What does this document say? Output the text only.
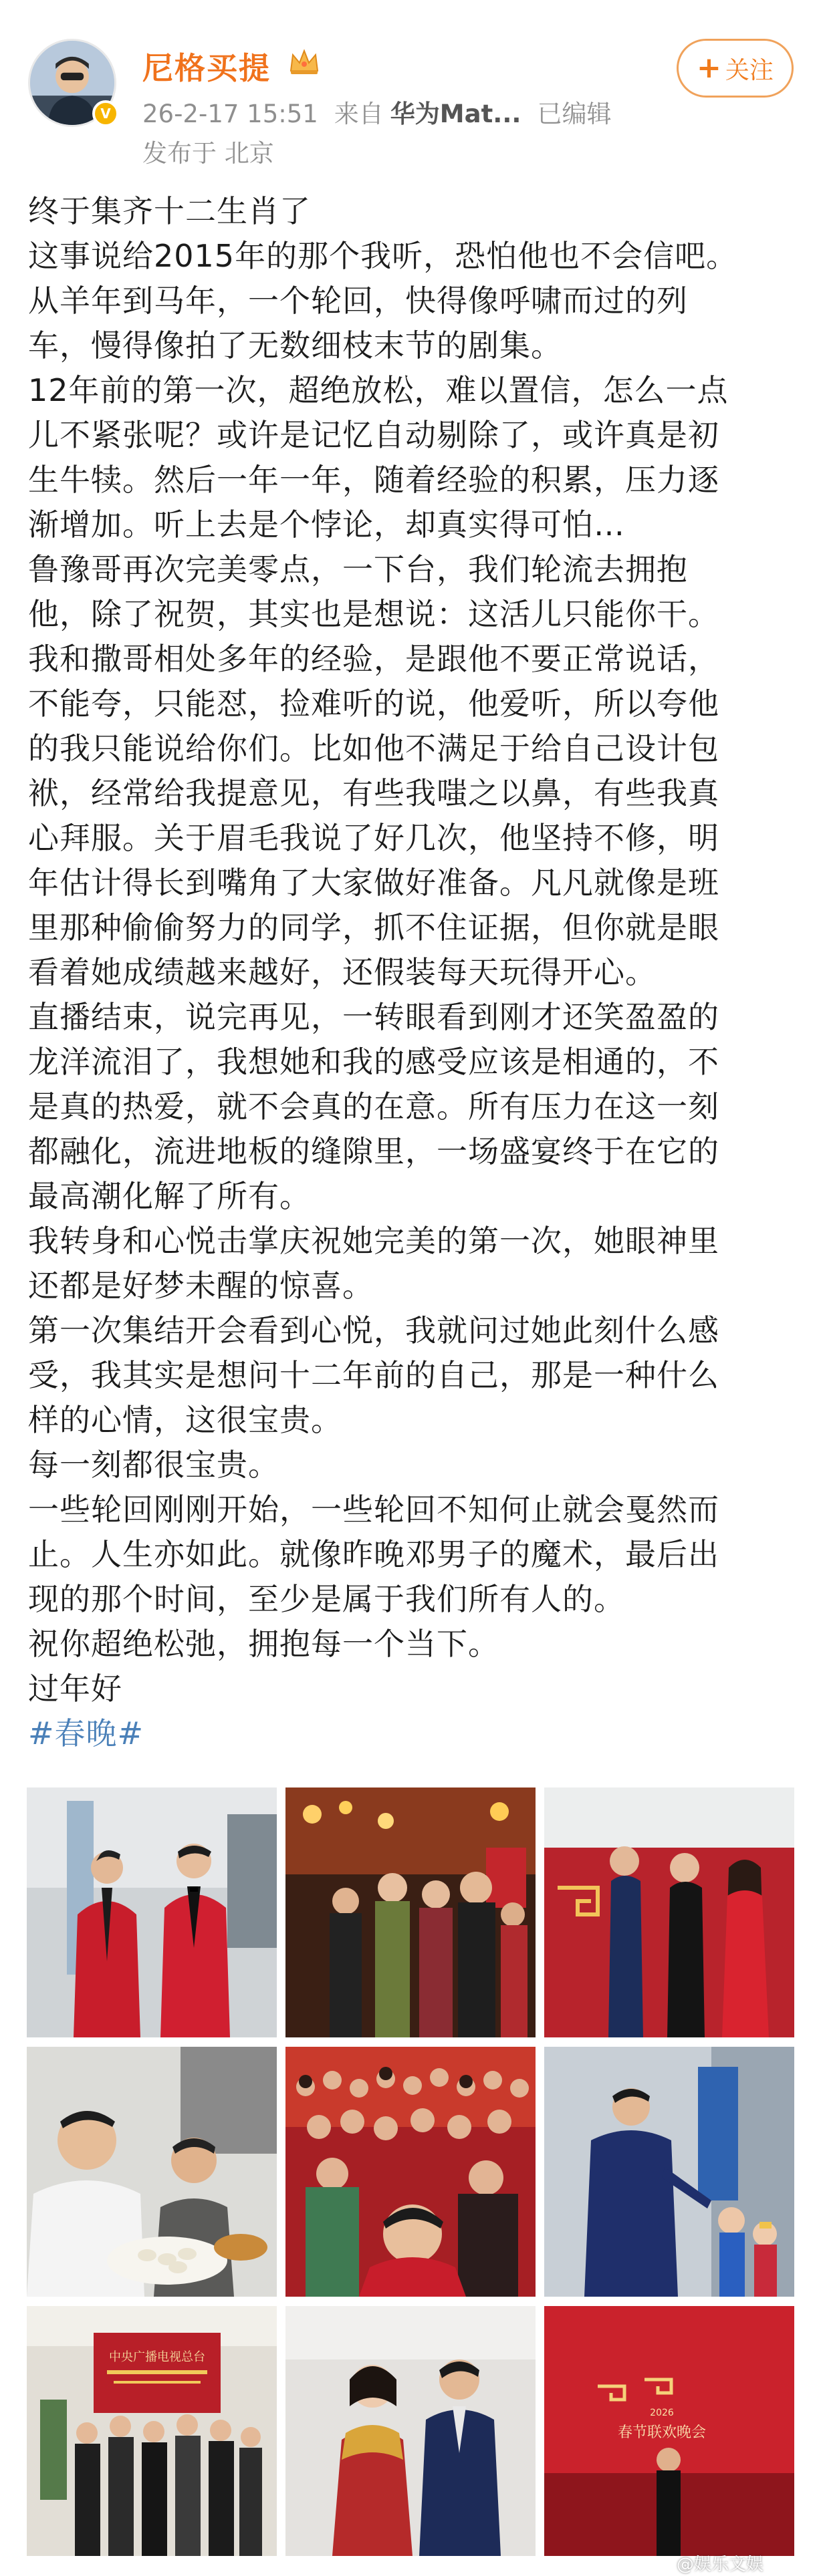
V
尼格买提
26-2-17 15:51 来自 华为Mat... 已编辑
发布于 北京
+ 关注
终于集齐十二生肖了
这事说给2015年的那个我听，恐怕他也不会信吧。
从羊年到马年，一个轮回，快得像呼啸而过的列
车，慢得像拍了无数细枝末节的剧集。
12年前的第一次，超绝放松，难以置信，怎么一点
儿不紧张呢？或许是记忆自动剔除了，或许真是初
生牛犊。然后一年一年，随着经验的积累，压力逐
渐增加。听上去是个悖论，却真实得可怕…
鲁豫哥再次完美零点，一下台，我们轮流去拥抱
他，除了祝贺，其实也是想说：这活儿只能你干。
我和撒哥相处多年的经验，是跟他不要正常说话，
不能夸，只能怼，捡难听的说，他爱听，所以夸他
的我只能说给你们。比如他不满足于给自己设计包
袱，经常给我提意见，有些我嗤之以鼻，有些我真
心拜服。关于眉毛我说了好几次，他坚持不修，明
年估计得长到嘴角了大家做好准备。凡凡就像是班
里那种偷偷努力的同学，抓不住证据，但你就是眼
看着她成绩越来越好，还假装每天玩得开心。
直播结束，说完再见，一转眼看到刚才还笑盈盈的
龙洋流泪了，我想她和我的感受应该是相通的，不
是真的热爱，就不会真的在意。所有压力在这一刻
都融化，流进地板的缝隙里，一场盛宴终于在它的
最高潮化解了所有。
我转身和心悦击掌庆祝她完美的第一次，她眼神里
还都是好梦未醒的惊喜。
第一次集结开会看到心悦，我就问过她此刻什么感
受，我其实是想问十二年前的自己，那是一种什么
样的心情，这很宝贵。
每一刻都很宝贵。
一些轮回刚刚开始，一些轮回不知何止就会戛然而
止。人生亦如此。就像昨晚邓男子的魔术，最后出
现的那个时间，至少是属于我们所有人的。
祝你超绝松弛，拥抱每一个当下。
过年好
#春晚#
中央广播电视总台
2026
春节联欢晚会
@娱乐文娱
